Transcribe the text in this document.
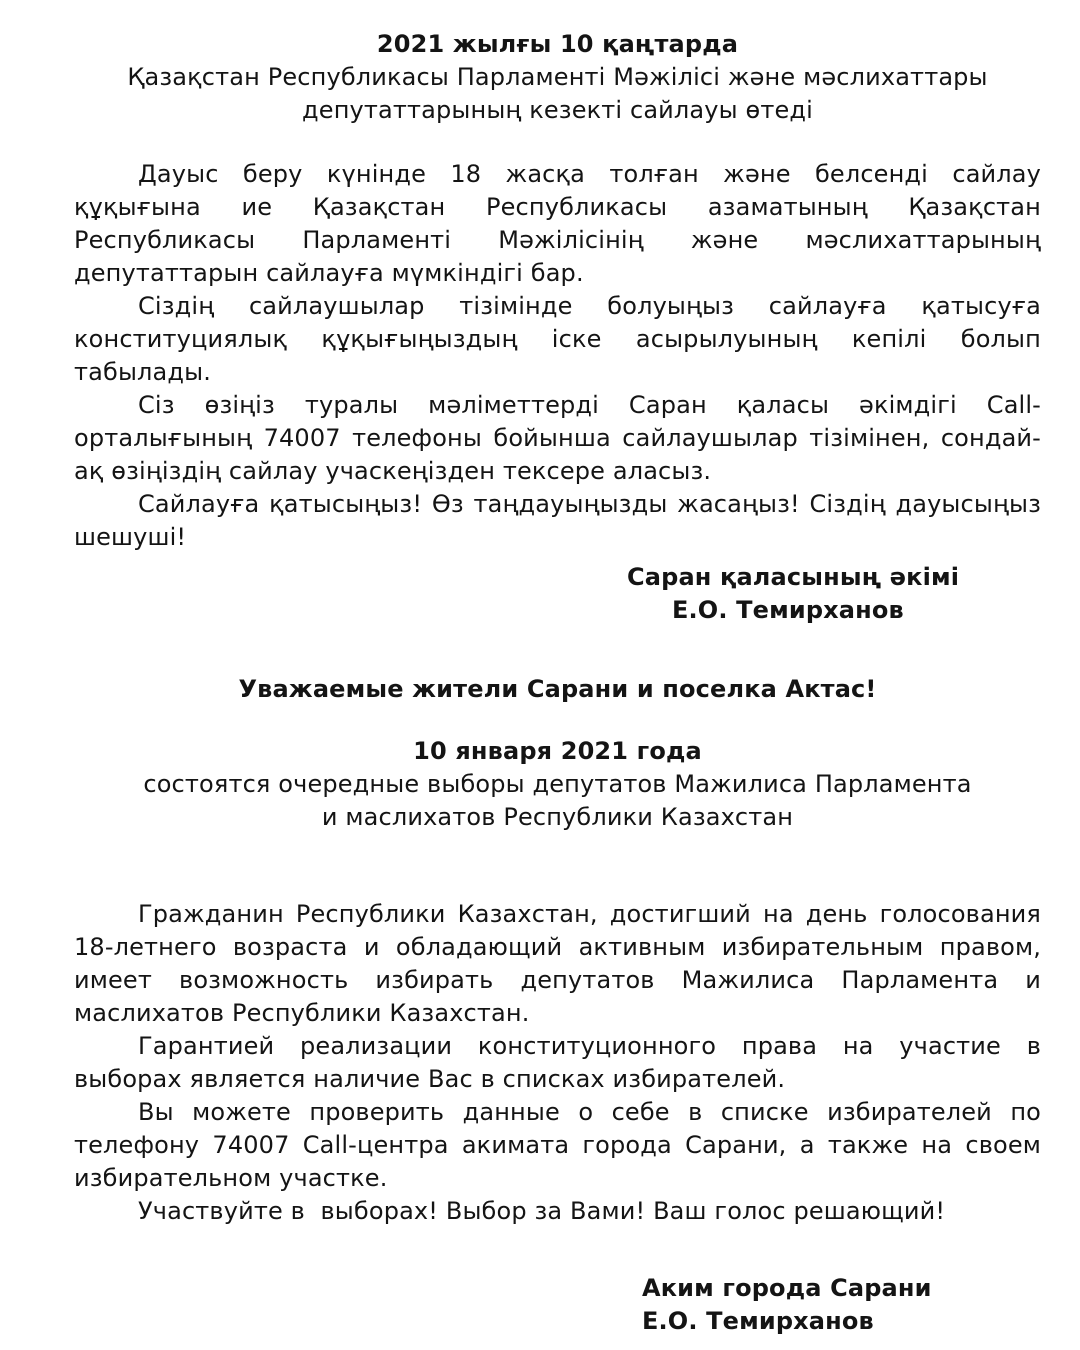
2021 жылғы 10 қаңтарда

Қазақстан Республикасы Парламенті Мәжілісі және мәслихаттары

депутаттарының кезекті сайлауы өтеді

Дауыс беру күнінде 18 жасқа толған және белсенді сайлау құқығына ие Қазақстан Республикасы азаматының Қазақстан Республикасы Парламенті Мәжілісінің және мәслихаттарының депутаттарын сайлауға мүмкіндігі бар.

Сіздің сайлаушылар тізімінде болуыңыз сайлауға қатысуға конституциялық құқығыңыздың іске асырылуының кепілі болып табылады.

Сіз өзіңіз туралы мәліметтерді Саран қаласы әкімдігі Call-орталығының 74007 телефоны бойынша сайлаушылар тізімінен, сондай-ақ өзіңіздің сайлау учаскеңізден тексере аласыз.

Сайлауға қатысыңыз! Өз таңдауыңызды жасаңыз! Сіздің дауысыңыз шешуші!

Саран қаласының әкімі
Е.О. Темирханов

Уважаемые жители Сарани и поселка Актас!

10 января 2021 года

состоятся очередные выборы депутатов Мажилиса Парламента

и маслихатов Республики Казахстан

Гражданин Республики Казахстан, достигший на день голосования 18-летнего возраста и обладающий активным избирательным правом, имеет возможность избирать депутатов Мажилиса Парламента и маслихатов Республики Казахстан.

Гарантией реализации конституционного права на участие в выборах является наличие Вас в списках избирателей.

Вы можете проверить данные о себе в списке избирателей по телефону 74007 Call-центра акимата города Сарани, а также на своем избирательном участке.

Участвуйте в  выборах! Выбор за Вами! Ваш голос решающий!

Аким города Сарани
Е.О. Темирханов
